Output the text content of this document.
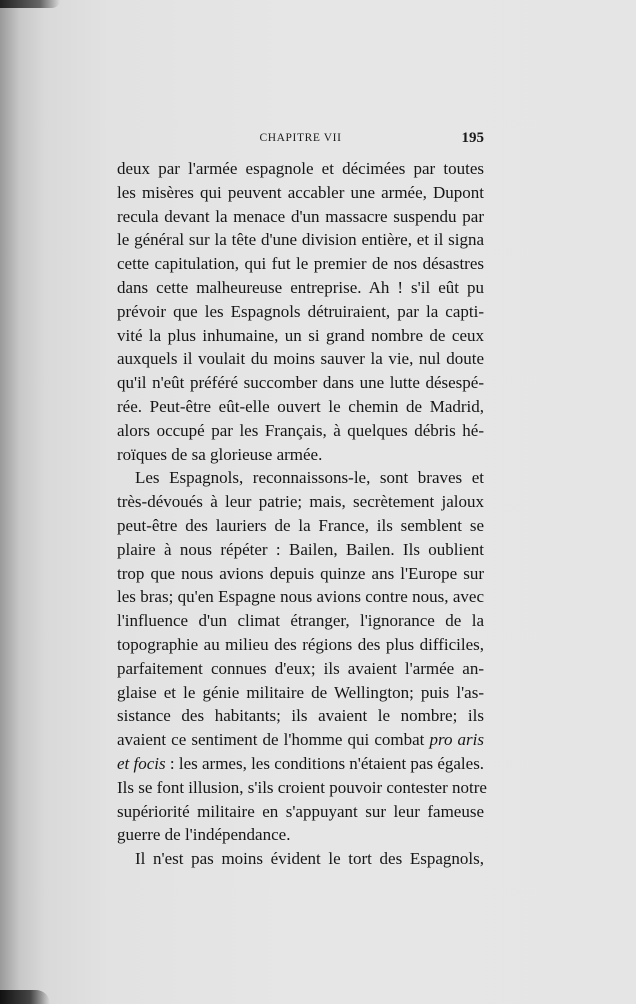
CHAPITRE VII	195
deux par l'armée espagnole et décimées par toutes
les misères qui peuvent accabler une armée, Dupont
recula devant la menace d'un massacre suspendu par
le général sur la tête d'une division entière, et il signa
cette capitulation, qui fut le premier de nos désastres
dans cette malheureuse entreprise. Ah ! s'il eût pu
prévoir que les Espagnols détruiraient, par la capti-
vité la plus inhumaine, un si grand nombre de ceux
auxquels il voulait du moins sauver la vie, nul doute
qu'il n'eût préféré succomber dans une lutte désespé-
rée. Peut-être eût-elle ouvert le chemin de Madrid,
alors occupé par les Français, à quelques débris hé-
roïques de sa glorieuse armée.
Les Espagnols, reconnaissons-le, sont braves et
très-dévoués à leur patrie; mais, secrètement jaloux
peut-être des lauriers de la France, ils semblent se
plaire à nous répéter : Bailen, Bailen. Ils oublient
trop que nous avions depuis quinze ans l'Europe sur
les bras; qu'en Espagne nous avions contre nous, avec
l'influence d'un climat étranger, l'ignorance de la
topographie au milieu des régions des plus difficiles,
parfaitement connues d'eux; ils avaient l'armée an-
glaise et le génie militaire de Wellington; puis l'as-
sistance des habitants; ils avaient le nombre; ils
avaient ce sentiment de l'homme qui combat pro aris
et focis : les armes, les conditions n'étaient pas égales.
Ils se font illusion, s'ils croient pouvoir contester notre
supériorité militaire en s'appuyant sur leur fameuse
guerre de l'indépendance.
Il n'est pas moins évident le tort des Espagnols,
